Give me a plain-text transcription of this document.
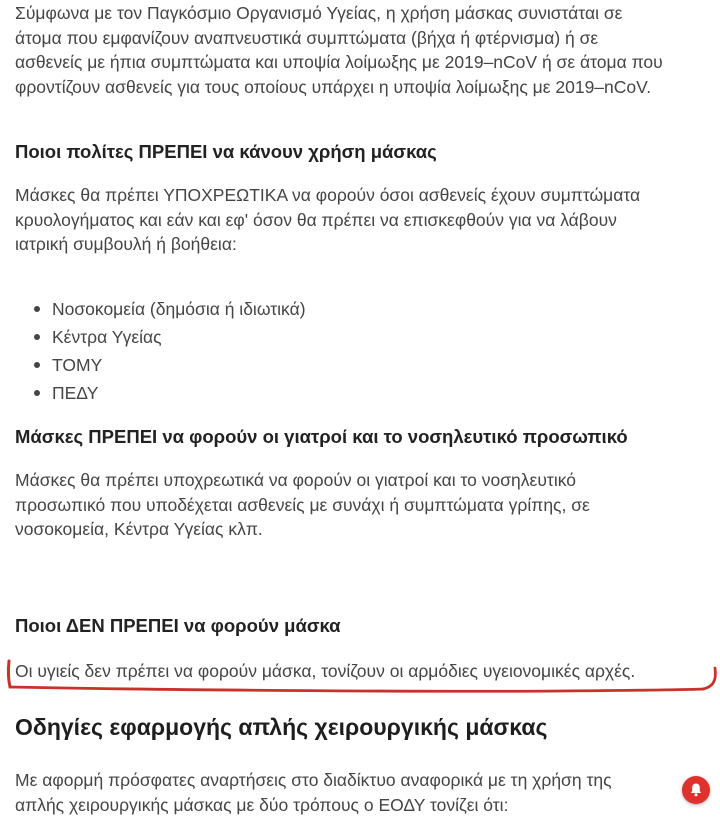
Σύμφωνα με τον Παγκόσμιο Οργανισμό Υγείας, η χρήση μάσκας συνιστάται σε
άτομα που εμφανίζουν αναπνευστικά συμπτώματα (βήχα ή φτέρνισμα) ή σε
ασθενείς με ήπια συμπτώματα και υποψία λοίμωξης με 2019–nCoV ή σε άτομα που
φροντίζουν ασθενείς για τους οποίους υπάρχει η υποψία λοίμωξης με 2019–nCoV.

Ποιοι πολίτες ΠΡΕΠΕΙ να κάνουν χρήση μάσκας

Μάσκες θα πρέπει ΥΠΟΧΡΕΩΤΙΚΑ να φορούν όσοι ασθενείς έχουν συμπτώματα
κρυολογήματος και εάν και εφ' όσον θα πρέπει να επισκεφθούν για να λάβουν
ιατρική συμβουλή ή βοήθεια:

Νοσοκομεία (δημόσια ή ιδιωτικά)
Κέντρα Υγείας
ΤΟΜΥ
ΠΕΔΥ
Μάσκες ΠΡΕΠΕΙ να φορούν οι γιατροί και το νοσηλευτικό προσωπικό

Μάσκες θα πρέπει υποχρεωτικά να φορούν οι γιατροί και το νοσηλευτικό
προσωπικό που υποδέχεται ασθενείς με συνάχι ή συμπτώματα γρίπης, σε
νοσοκομεία, Κέντρα Υγείας κλπ.

Ποιοι ΔΕΝ ΠΡΕΠΕΙ να φορούν μάσκα

Οι υγιείς δεν πρέπει να φορούν μάσκα, τονίζουν οι αρμόδιες υγειονομικές αρχές.

Οδηγίες εφαρμογής απλής χειρουργικής μάσκας

Με αφορμή πρόσφατες αναρτήσεις στο διαδίκτυο αναφορικά με τη χρήση της
απλής χειρουργικής μάσκας με δύο τρόπους ο ΕΟΔΥ τονίζει ότι:
